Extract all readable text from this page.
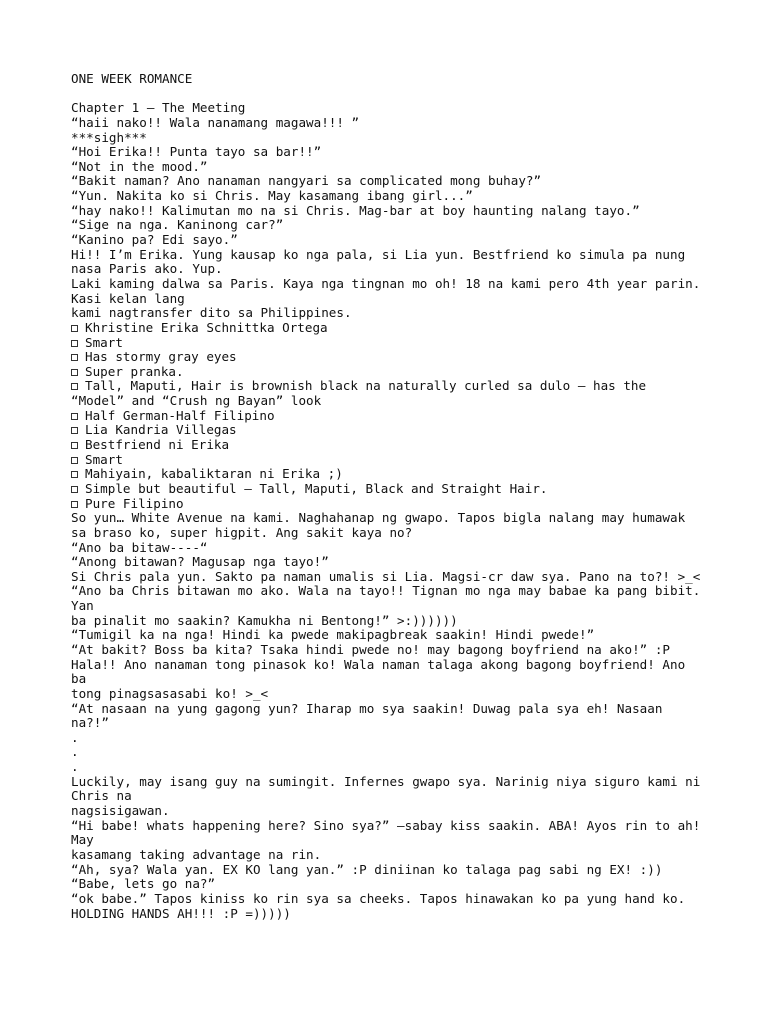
ONE WEEK ROMANCE
Chapter 1 – The Meeting
“haii nako!! Wala nanamang magawa!!! ”
***sigh***
“Hoi Erika!! Punta tayo sa bar!!”
“Not in the mood.”
“Bakit naman? Ano nanaman nangyari sa complicated mong buhay?”
“Yun. Nakita ko si Chris. May kasamang ibang girl...”
“hay nako!! Kalimutan mo na si Chris. Mag-bar at boy haunting nalang tayo.”
“Sige na nga. Kaninong car?”
“Kanino pa? Edi sayo.”
Hi!! I’m Erika. Yung kausap ko nga pala, si Lia yun. Bestfriend ko simula pa nung
nasa Paris ako. Yup.
Laki kaming dalwa sa Paris. Kaya nga tingnan mo oh! 18 na kami pero 4th year parin.
Kasi kelan lang
kami nagtransfer dito sa Philippines.
Khristine Erika Schnittka Ortega
Smart
Has stormy gray eyes
Super pranka.
Tall, Maputi, Hair is brownish black na naturally curled sa dulo – has the
“Model” and “Crush ng Bayan” look
Half German-Half Filipino
Lia Kandria Villegas
Bestfriend ni Erika
Smart
Mahiyain, kabaliktaran ni Erika ;)
Simple but beautiful – Tall, Maputi, Black and Straight Hair.
Pure Filipino
So yun… White Avenue na kami. Naghahanap ng gwapo. Tapos bigla nalang may humawak
sa braso ko, super higpit. Ang sakit kaya no?
“Ano ba bitaw----“
“Anong bitawan? Magusap nga tayo!”
Si Chris pala yun. Sakto pa naman umalis si Lia. Magsi-cr daw sya. Pano na to?! >_<
“Ano ba Chris bitawan mo ako. Wala na tayo!! Tignan mo nga may babae ka pang bibit.
Yan
ba pinalit mo saakin? Kamukha ni Bentong!” >:))))))
“Tumigil ka na nga! Hindi ka pwede makipagbreak saakin! Hindi pwede!”
“At bakit? Boss ba kita? Tsaka hindi pwede no! may bagong boyfriend na ako!” :P
Hala!! Ano nanaman tong pinasok ko! Wala naman talaga akong bagong boyfriend! Ano
ba
tong pinagsasasabi ko! >_<
“At nasaan na yung gagong yun? Iharap mo sya saakin! Duwag pala sya eh! Nasaan
na?!”
.
.
.
Luckily, may isang guy na sumingit. Infernes gwapo sya. Narinig niya siguro kami ni
Chris na
nagsisigawan.
“Hi babe! whats happening here? Sino sya?” –sabay kiss saakin. ABA! Ayos rin to ah!
May
kasamang taking advantage na rin.
“Ah, sya? Wala yan. EX KO lang yan.” :P diniinan ko talaga pag sabi ng EX! :))
“Babe, lets go na?”
“ok babe.” Tapos kiniss ko rin sya sa cheeks. Tapos hinawakan ko pa yung hand ko.
HOLDING HANDS AH!!! :P =)))))
